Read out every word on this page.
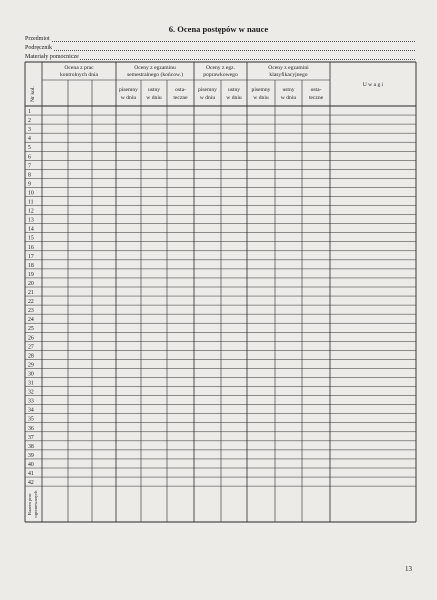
6. Ocena postępów w nauce
Przedmiot
Podręcznik
Materiały pomocnicze
Nr kol.
Ocena z prac
kontrolnych dnia
Oceny z egzaminu
semestralnego (końcow.)
Oceny z egz.
poprawkowego
Oceny z egzamini
klasyfikacyjnego
pisemny
w dniu
ustny
w dniu
osta-
teczne
pisemny
w dniu
ustny
w dniu
pisemny
w dniu
ustny
w dniu
osta-
teczne
U w a g i
1
2
3
4
5
6
7
8
9
10
11
12
13
14
15
16
17
18
19
20
21
22
23
24
25
26
27
28
29
30
31
32
33
34
35
36
37
38
39
40
41
42
Razem prac ogranowanych
13
